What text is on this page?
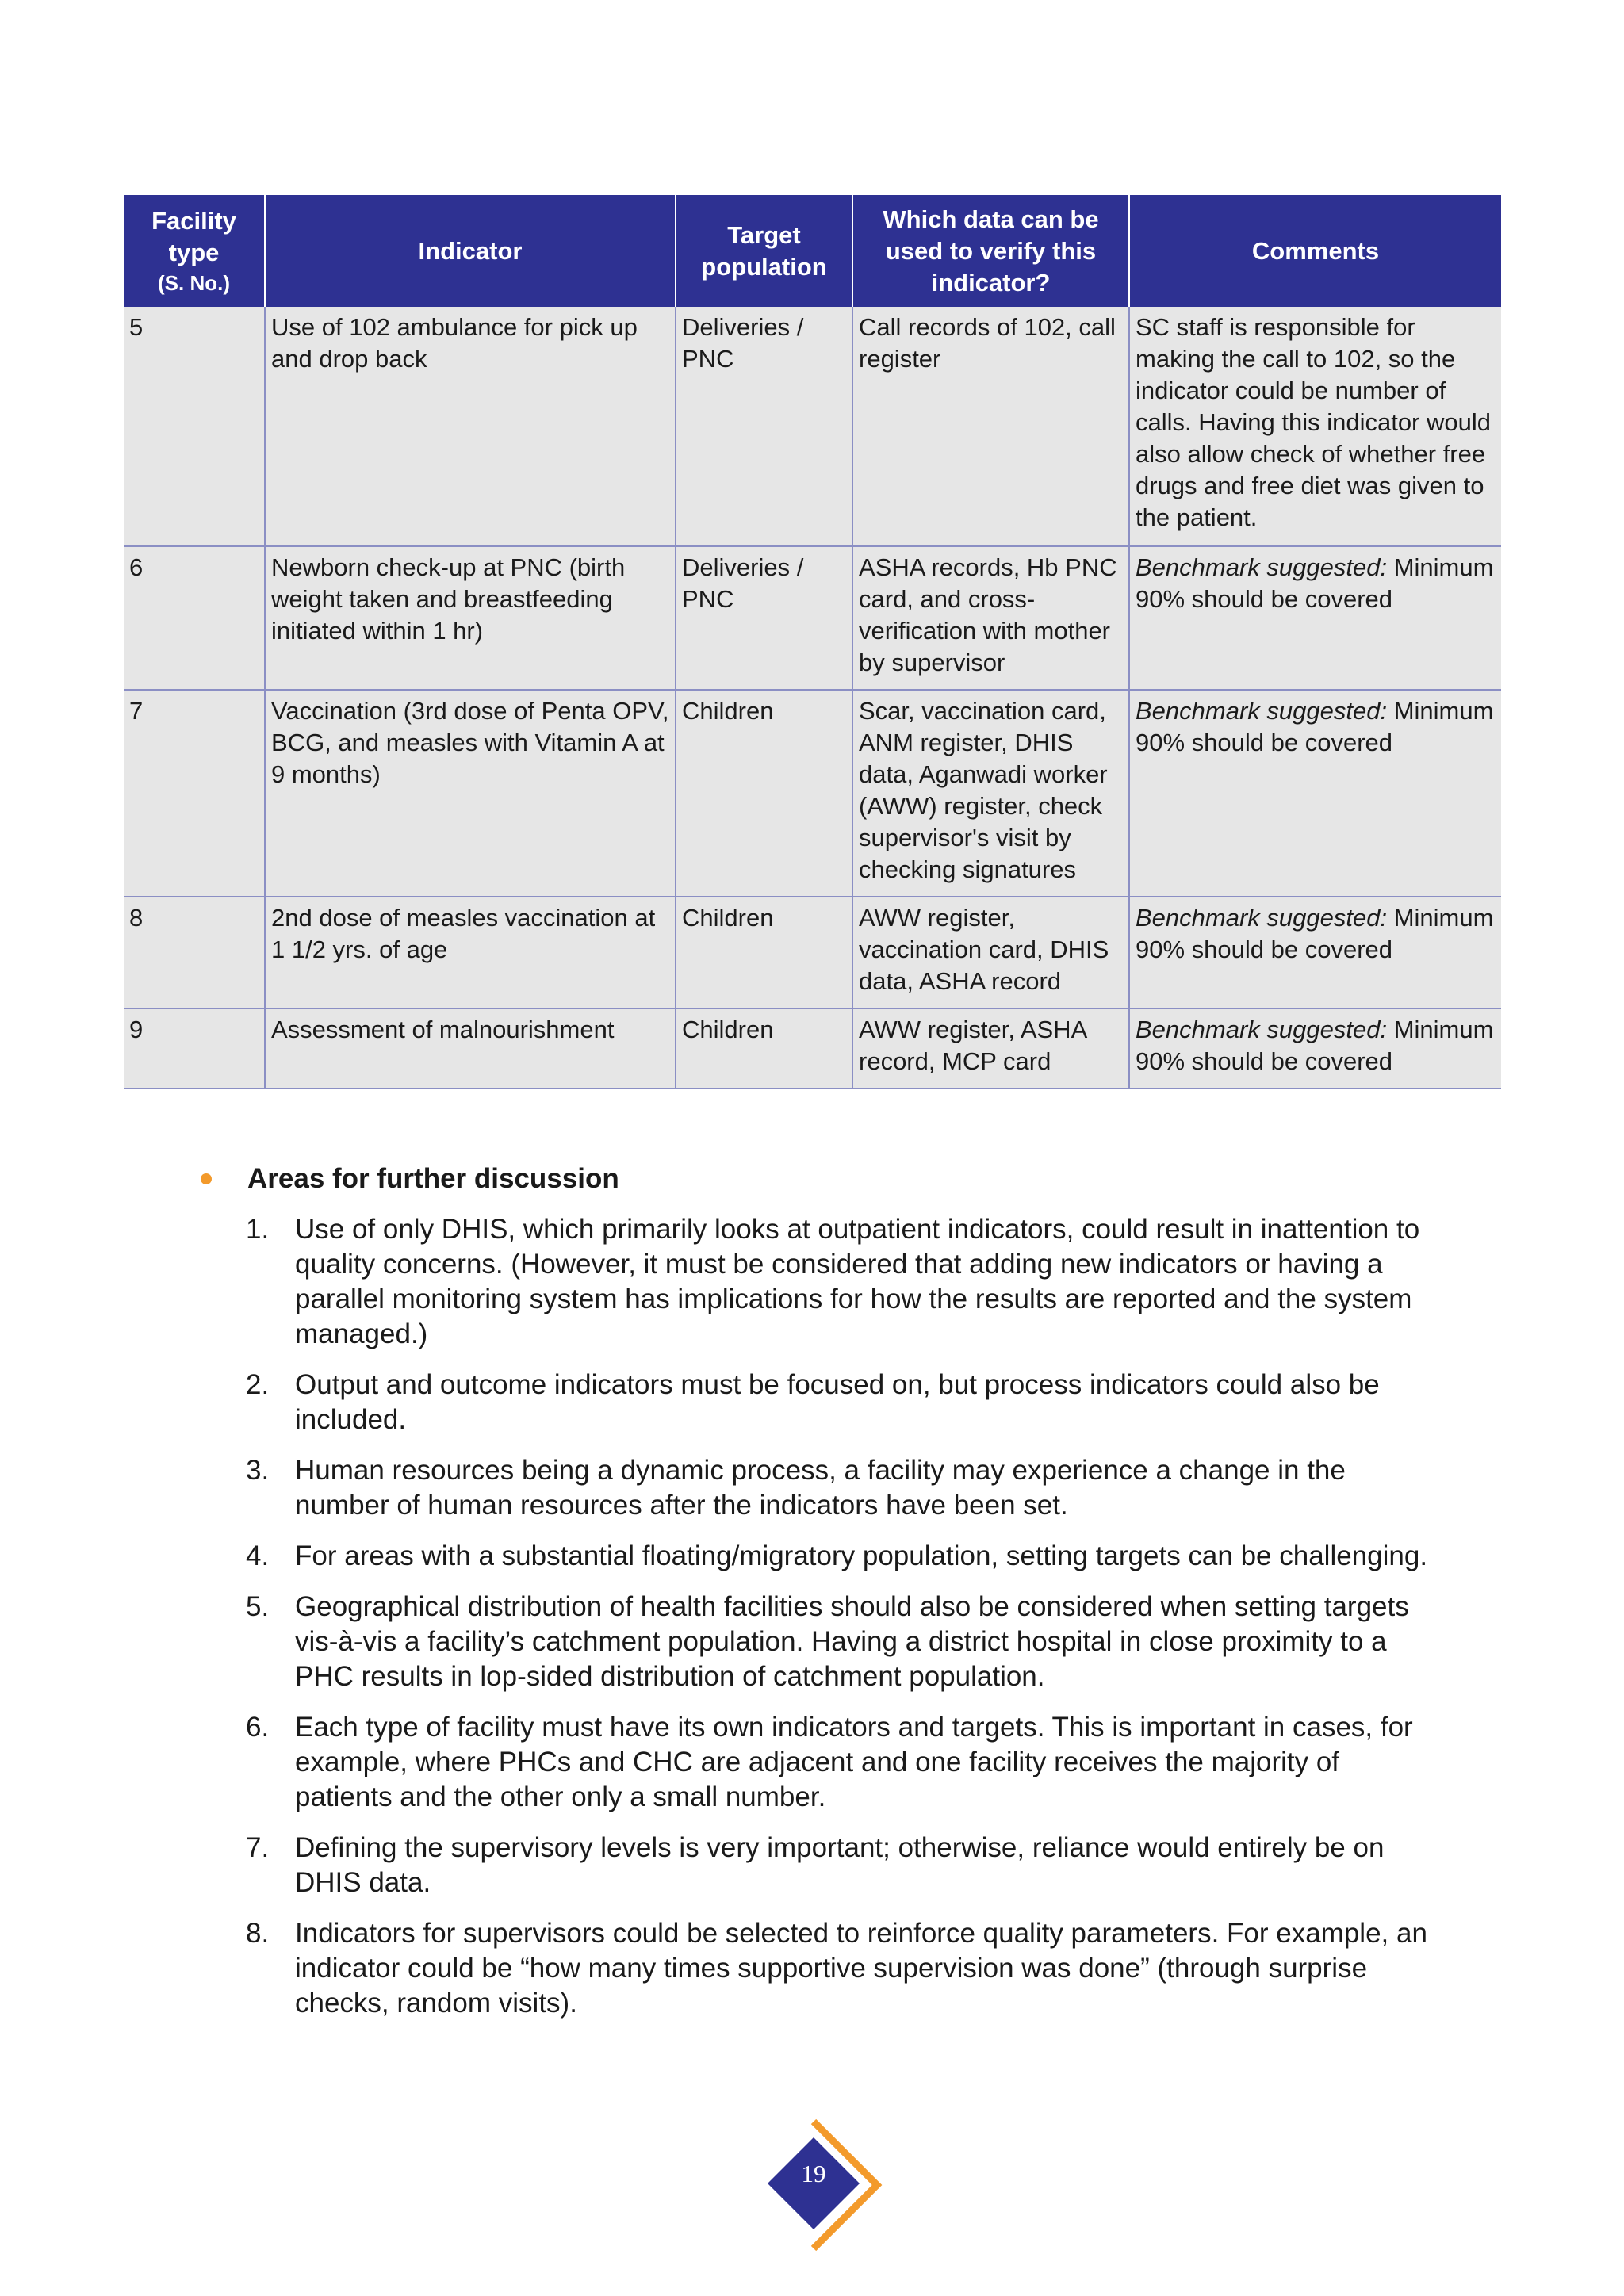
Facility type
(S. No.)	Indicator	Target population	Which data can be used to verify this indicator?	Comments
5	Use of 102 ambulance for pick up and drop back	Deliveries / PNC	Call records of 102, call register	SC staff is responsible for making the call to 102, so the indicator could be number of calls. Having this indicator would also allow check of whether free drugs and free diet was given to the patient.
6	Newborn check-up at PNC (birth weight taken and breastfeeding initiated within 1 hr)	Deliveries / PNC	ASHA records, Hb PNC card, and cross-verification with mother by supervisor	Benchmark suggested: Minimum 90% should be covered
7	Vaccination (3rd dose of Penta OPV, BCG, and measles with Vitamin A at 9 months)	Children	Scar, vaccination card, ANM register, DHIS data, Aganwadi worker (AWW) register, check supervisor's visit by checking signatures	Benchmark suggested: Minimum 90% should be covered
8	2nd dose of measles vaccination at 1 1/2 yrs. of age	Children	AWW register, vaccination card, DHIS data, ASHA record	Benchmark suggested: Minimum 90% should be covered
9	Assessment of malnourishment	Children	AWW register, ASHA record, MCP card	Benchmark suggested: Minimum 90% should be covered
Areas for further discussion
1. Use of only DHIS, which primarily looks at outpatient indicators, could result in inattention to quality concerns. (However, it must be considered that adding new indicators or having a parallel monitoring system has implications for how the results are reported and the system managed.)
2. Output and outcome indicators must be focused on, but process indicators could also be included.
3. Human resources being a dynamic process, a facility may experience a change in the number of human resources after the indicators have been set.
4. For areas with a substantial floating/migratory population, setting targets can be challenging.
5. Geographical distribution of health facilities should also be considered when setting targets vis-à-vis a facility’s catchment population. Having a district hospital in close proximity to a PHC results in lop-sided distribution of catchment population.
6. Each type of facility must have its own indicators and targets. This is important in cases, for example, where PHCs and CHC are adjacent and one facility receives the majority of patients and the other only a small number.
7. Defining the supervisory levels is very important; otherwise, reliance would entirely be on DHIS data.
8. Indicators for supervisors could be selected to reinforce quality parameters. For example, an indicator could be “how many times supportive supervision was done” (through surprise checks, random visits).
19
